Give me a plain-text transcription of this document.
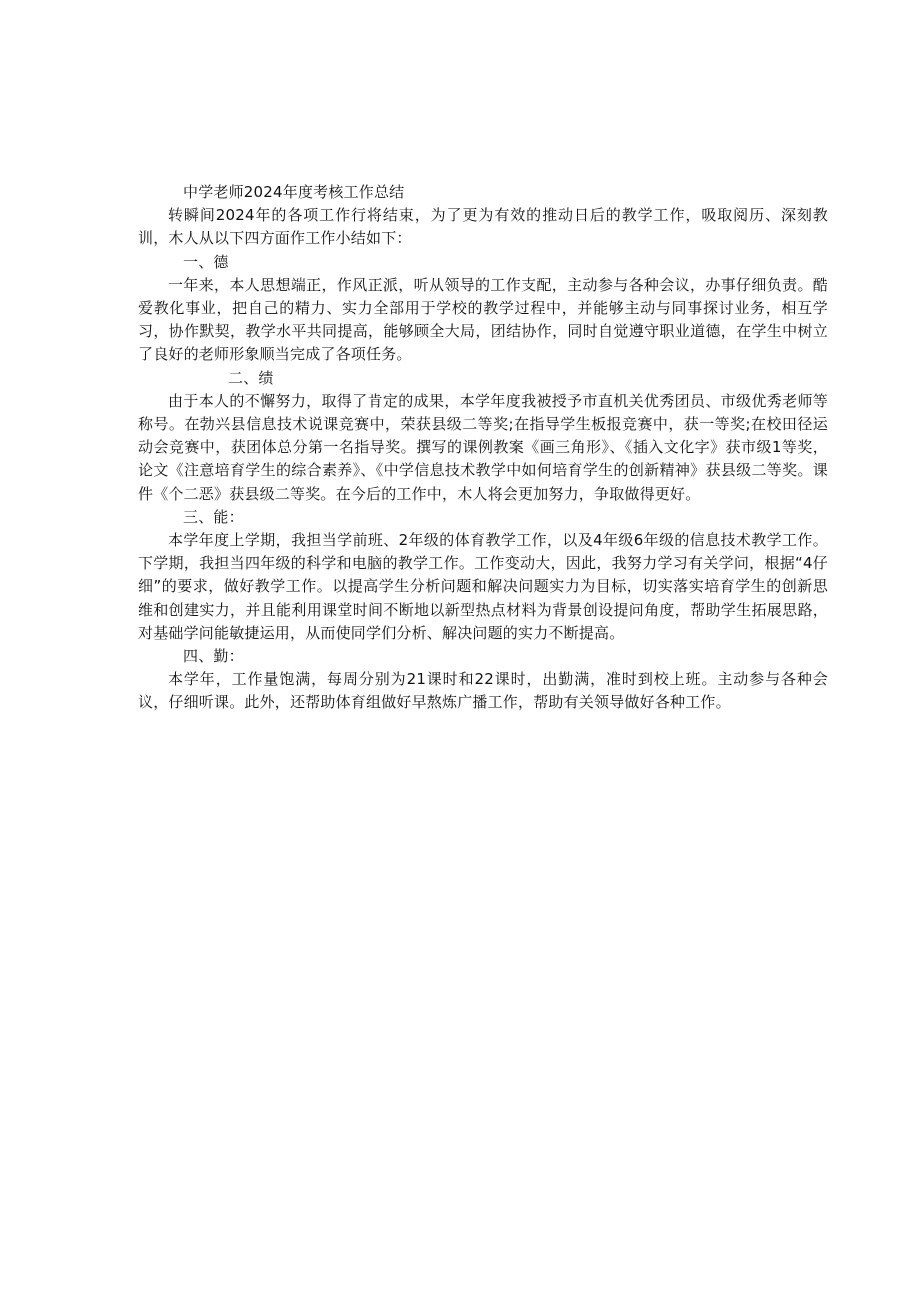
中学老师2024年度考核工作总结

转瞬间2024年的各项工作行将结束，为了更为有效的推动日后的教学工作，吸取阅历、深刻教训，木人从以下四方面作工作小结如下：

一、德

一年来，本人思想端正，作风正派，听从领导的工作支配，主动参与各种会议，办事仔细负责。酷爱教化事业，把自己的精力、实力全部用于学校的教学过程中，并能够主动与同事探讨业务，相互学习，协作默契，教学水平共同提高，能够顾全大局，团结协作，同时自觉遵守职业道德，在学生中树立了良好的老师形象顺当完成了各项任务。

二、绩

由于本人的不懈努力，取得了肯定的成果，本学年度我被授予市直机关优秀团员、市级优秀老师等称号。在勃兴县信息技术说课竞赛中，荣获县级二等奖;在指导学生板报竞赛中，获一等奖;在校田径运动会竞赛中，获团体总分第一名指导奖。撰写的课例教案《画三角形》、《插入文化字》获市级1等奖，论文《注意培育学生的综合素养》、《中学信息技术教学中如何培育学生的创新精神》获县级二等奖。课件《个二恶》获县级二等奖。在今后的工作中，木人将会更加努力，争取做得更好。

三、能：

本学年度上学期，我担当学前班、2年级的体育教学工作，以及4年级6年级的信息技术教学工作。下学期，我担当四年级的科学和电脑的教学工作。工作变动大，因此，我努力学习有关学问，根据“4仔细”的要求，做好教学工作。以提高学生分析问题和解决问题实力为目标，切实落实培育学生的创新思维和创建实力，并且能利用课堂时间不断地以新型热点材料为背景创设提问角度，帮助学生拓展思路，对基础学问能敏捷运用，从而使同学们分析、解决问题的实力不断提高。

四、勤：

本学年，工作量饱满，每周分别为21课时和22课时，出勤满，准时到校上班。主动参与各种会议，仔细听课。此外，还帮助体育组做好早熬炼广播工作，帮助有关领导做好各种工作。
